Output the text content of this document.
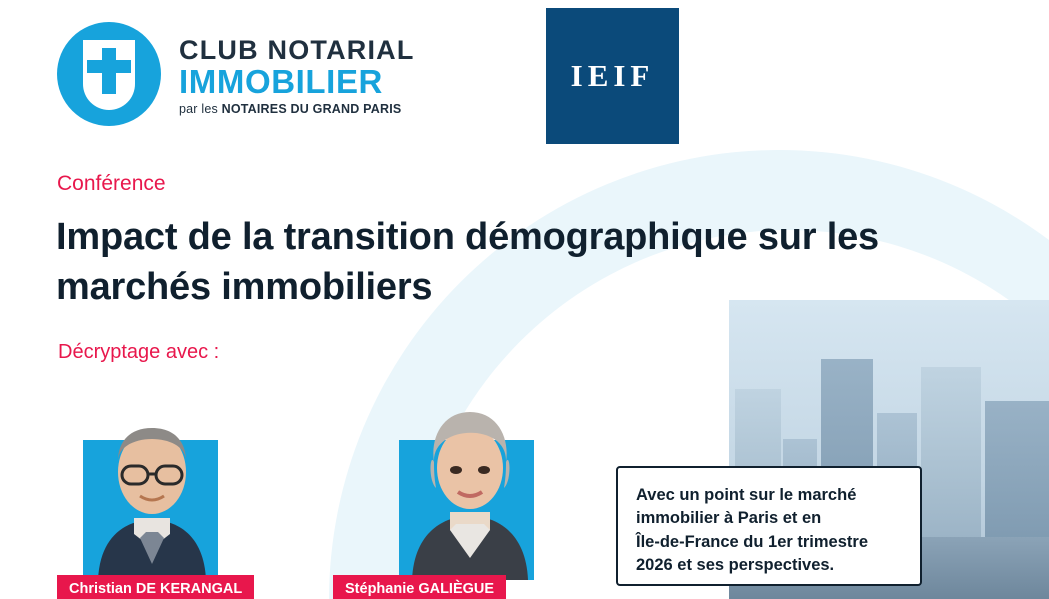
CLUB NOTARIAL
IMMOBILIER
par les NOTAIRES DU GRAND PARIS
IEIF
Conférence
Impact de la transition démographique sur les marchés immobiliers
Décryptage avec :
Christian DE KERANGAL	Stéphanie GALIÈGUE

Avec un point sur le marché

immobilier à Paris et en

Île-de-France du 1er trimestre

2026 et ses perspectives.
